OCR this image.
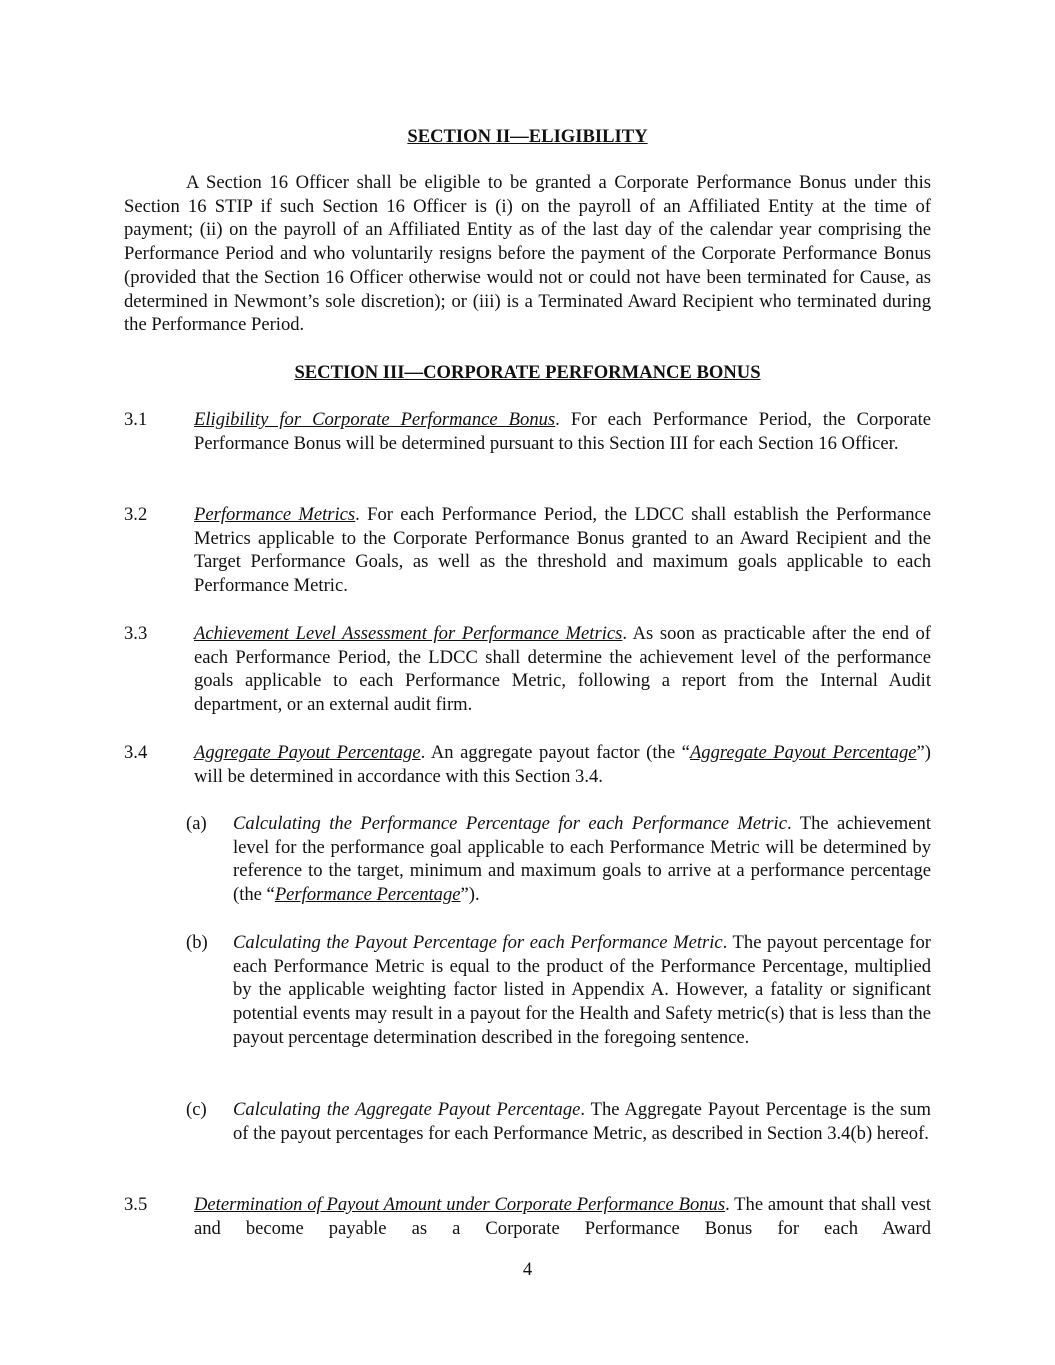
SECTION II—ELIGIBILITY
A Section 16 Officer shall be eligible to be granted a Corporate Performance Bonus under this Section 16 STIP if such Section 16 Officer is (i) on the payroll of an Affiliated Entity at the time of payment; (ii) on the payroll of an Affiliated Entity as of the last day of the calendar year comprising the Performance Period and who voluntarily resigns before the payment of the Corporate Performance Bonus (provided that the Section 16 Officer otherwise would not or could not have been terminated for Cause, as determined in Newmont’s sole discretion); or (iii) is a Terminated Award Recipient who terminated during the Performance Period.
SECTION III—CORPORATE PERFORMANCE BONUS
3.1	Eligibility for Corporate Performance Bonus. For each Performance Period, the Corporate Performance Bonus will be determined pursuant to this Section III for each Section 16 Officer.
3.2	Performance Metrics. For each Performance Period, the LDCC shall establish the Performance Metrics applicable to the Corporate Performance Bonus granted to an Award Recipient and the Target Performance Goals, as well as the threshold and maximum goals applicable to each Performance Metric.
3.3	Achievement Level Assessment for Performance Metrics. As soon as practicable after the end of each Performance Period, the LDCC shall determine the achievement level of the performance goals applicable to each Performance Metric, following a report from the Internal Audit department, or an external audit firm.
3.4	Aggregate Payout Percentage. An aggregate payout factor (the “Aggregate Payout Percentage”) will be determined in accordance with this Section 3.4.
(a) Calculating the Performance Percentage for each Performance Metric. The achievement level for the performance goal applicable to each Performance Metric will be determined by reference to the target, minimum and maximum goals to arrive at a performance percentage (the “Performance Percentage”).
(b) Calculating the Payout Percentage for each Performance Metric. The payout percentage for each Performance Metric is equal to the product of the Performance Percentage, multiplied by the applicable weighting factor listed in Appendix A. However, a fatality or significant potential events may result in a payout for the Health and Safety metric(s) that is less than the payout percentage determination described in the foregoing sentence.
(c) Calculating the Aggregate Payout Percentage. The Aggregate Payout Percentage is the sum of the payout percentages for each Performance Metric, as described in Section 3.4(b) hereof.
3.5	Determination of Payout Amount under Corporate Performance Bonus. The amount that shall vest and become payable as a Corporate Performance Bonus for each Award
4
